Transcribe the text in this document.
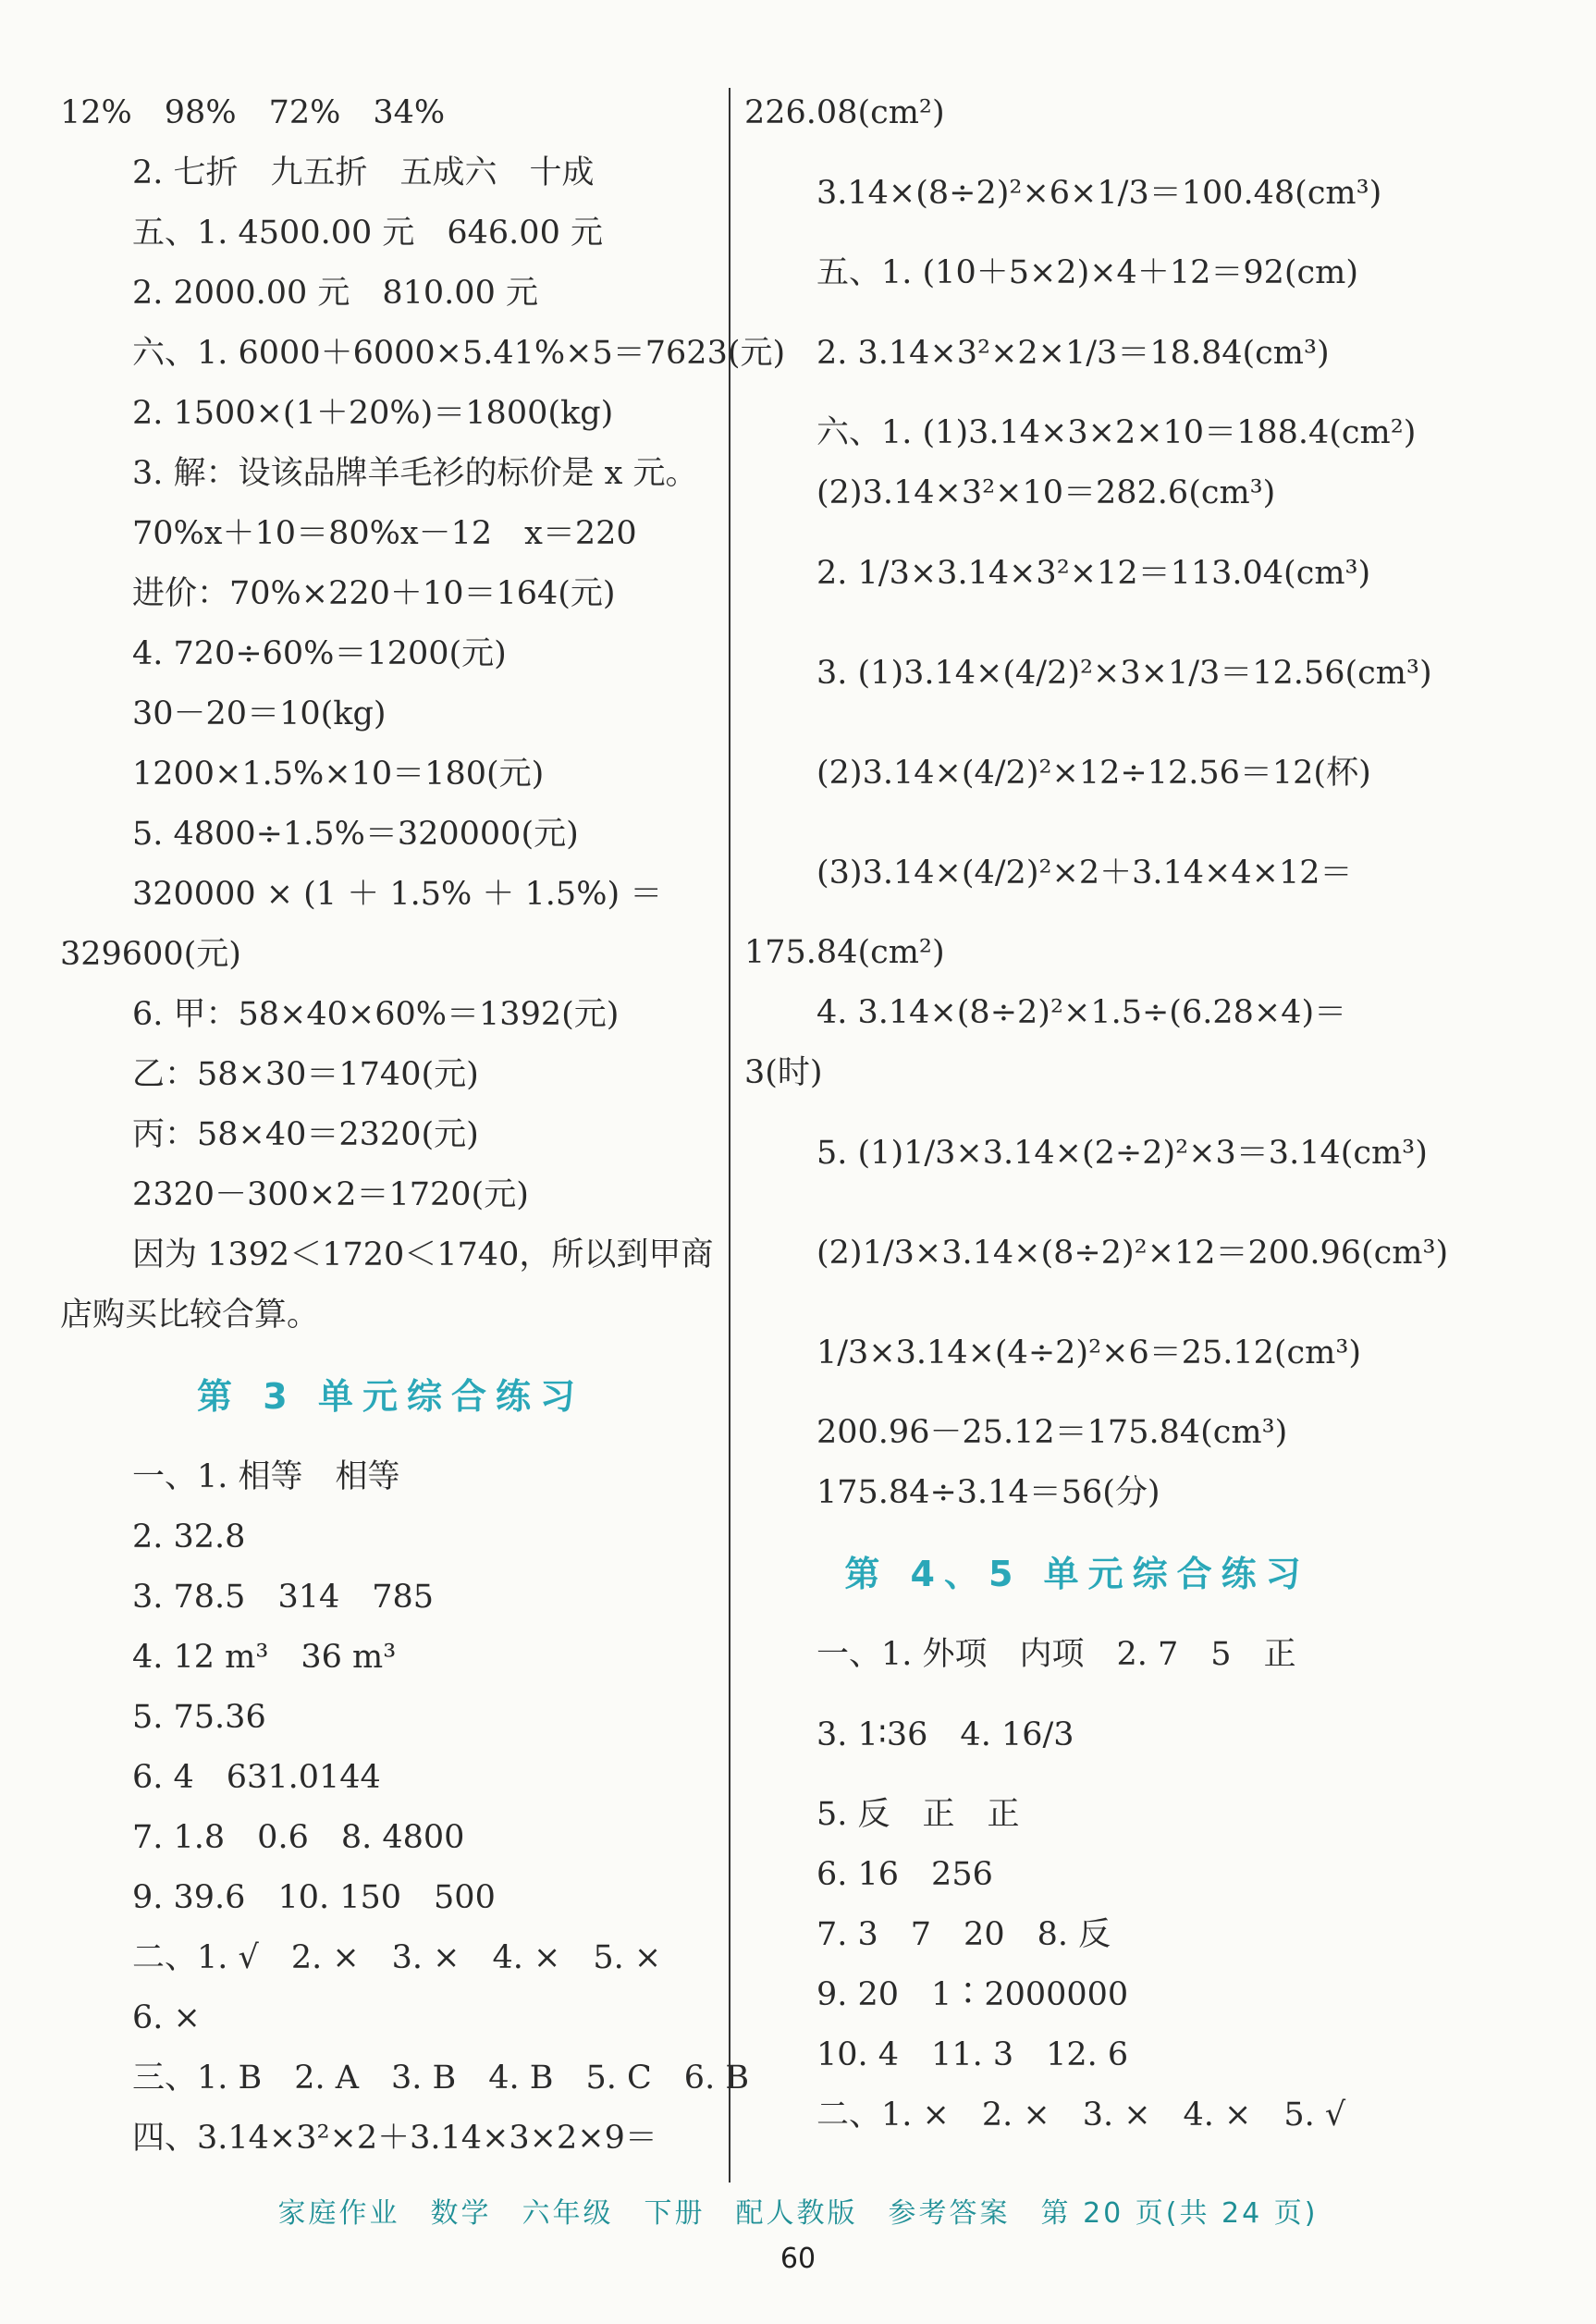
12%　98%　72%　34%
2. 七折　九五折　五成六　十成
五、1. 4500.00 元　646.00 元
2. 2000.00 元　810.00 元
六、1. 6000＋6000×5.41%×5＝7623(元)
2. 1500×(1＋20%)＝1800(kg)
3. 解：设该品牌羊毛衫的标价是 x 元。
70%x＋10＝80%x－12　x＝220
进价：70%×220＋10＝164(元)
4. 720÷60%＝1200(元)
30－20＝10(kg)
1200×1.5%×10＝180(元)
5. 4800÷1.5%＝320000(元)
320000 × (1 ＋ 1.5% ＋ 1.5%) ＝
329600(元)
6. 甲：58×40×60%＝1392(元)
乙：58×30＝1740(元)
丙：58×40＝2320(元)
2320－300×2＝1720(元)
因为 1392＜1720＜1740，所以到甲商
店购买比较合算。
第 3 单元综合练习
一、1. 相等　相等
2. 32.8
3. 78.5　314　785
4. 12 m³　36 m³
5. 75.36
6. 4　631.0144
7. 1.8　0.6　8. 4800
9. 39.6　10. 150　500
二、1. √　2. ×　3. ×　4. ×　5. ×
6. ×
三、1. B　2. A　3. B　4. B　5. C　6. B
四、3.14×3²×2＋3.14×3×2×9＝
226.08(cm²)
3.14×(8÷2)²×6×1/3＝100.48(cm³)
五、1. (10＋5×2)×4＋12＝92(cm)
2. 3.14×3²×2×1/3＝18.84(cm³)
六、1. (1)3.14×3×2×10＝188.4(cm²)
(2)3.14×3²×10＝282.6(cm³)
2. 1/3×3.14×3²×12＝113.04(cm³)
3. (1)3.14×(4/2)²×3×1/3＝12.56(cm³)
(2)3.14×(4/2)²×12÷12.56＝12(杯)
(3)3.14×(4/2)²×2＋3.14×4×12＝
175.84(cm²)
4. 3.14×(8÷2)²×1.5÷(6.28×4)＝
3(时)
5. (1)1/3×3.14×(2÷2)²×3＝3.14(cm³)
(2)1/3×3.14×(8÷2)²×12＝200.96(cm³)
1/3×3.14×(4÷2)²×6＝25.12(cm³)
200.96－25.12＝175.84(cm³)
175.84÷3.14＝56(分)
第 4、5 单元综合练习
一、1. 外项　内项　2. 7　5　正
3. 1∶36　4. 16/3
5. 反　正　正
6. 16　256
7. 3　7　20　8. 反
9. 20　1∶2000000
10. 4　11. 3　12. 6
二、1. ×　2. ×　3. ×　4. ×　5. √
家庭作业　数学　六年级　下册　配人教版　参考答案　第 20 页(共 24 页)
60
